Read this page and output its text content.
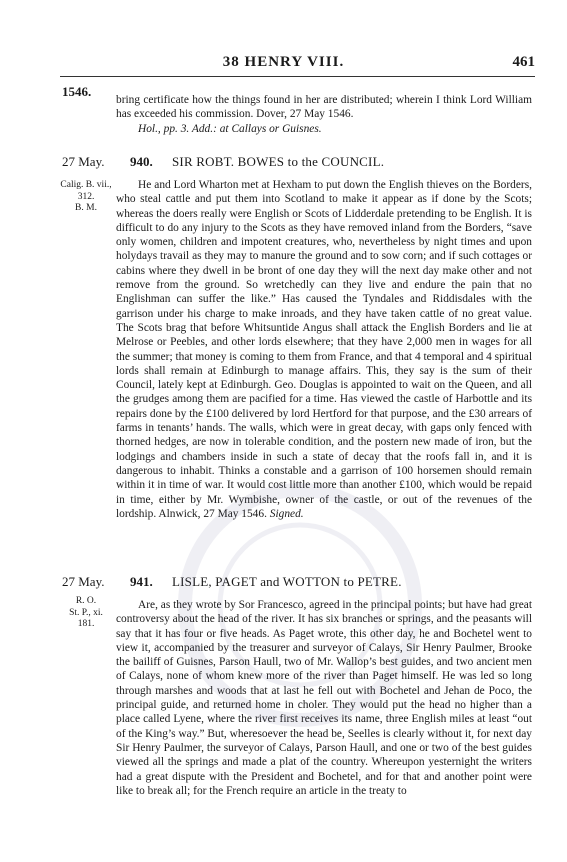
38 HENRY VIII.	461
1546.

bring certificate how the things found in her are distributed; wherein I think Lord William has exceeded his commission. Dover, 27 May 1546.

Hol., pp. 3. Add.: at Callays or Guisnes.

27 May. 940. SIR ROBT. BOWES to the COUNCIL.
Calig. B. vii.,
312.
B. M.

He and Lord Wharton met at Hexham to put down the English thieves on the Borders, who steal cattle and put them into Scotland to make it appear as if done by the Scots; whereas the doers really were English or Scots of Lidderdale pretending to be English. It is difficult to do any injury to the Scots as they have removed inland from the Borders, “save only women, children and impotent creatures, who, nevertheless by night times and upon holydays travail as they may to manure the ground and to sow corn; and if such cottages or cabins where they dwell in be bront of one day they will the next day make other and not remove from the ground. So wretchedly can they live and endure the pain that no Englishman can suffer the like.” Has caused the Tyndales and Riddisdales with the garrison under his charge to make inroads, and they have taken cattle of no great value. The Scots brag that before Whitsuntide Angus shall attack the English Borders and lie at Melrose or Peebles, and other lords elsewhere; that they have 2,000 men in wages for all the summer; that money is coming to them from France, and that 4 temporal and 4 spiritual lords shall remain at Edinburgh to manage affairs. This, they say is the sum of their Council, lately kept at Edinburgh. Geo. Douglas is appointed to wait on the Queen, and all the grudges among them are pacified for a time. Has viewed the castle of Harbottle and its repairs done by the £100 delivered by lord Hertford for that purpose, and the £30 arrears of farms in tenants’ hands. The walls, which were in great decay, with gaps only fenced with thorned hedges, are now in tolerable condition, and the postern new made of iron, but the lodgings and chambers inside in such a state of decay that the roofs fall in, and it is dangerous to inhabit. Thinks a constable and a garrison of 100 horsemen should remain within it in time of war. It would cost little more than another £100, which would be repaid in time, either by Mr. Wymbishe, owner of the castle, or out of the revenues of the lordship. Alnwick, 27 May 1546. Signed.

27 May. 941. LISLE, PAGET and WOTTON to PETRE.
R. O.
St. P., xi. 181.

Are, as they wrote by Sor Francesco, agreed in the principal points; but have had great controversy about the head of the river. It has six branches or springs, and the peasants will say that it has four or five heads. As Paget wrote, this other day, he and Bochetel went to view it, accompanied by the treasurer and surveyor of Calays, Sir Henry Paulmer, Brooke the bailiff of Guisnes, Parson Haull, two of Mr. Wallop’s best guides, and two ancient men of Calays, none of whom knew more of the river than Paget himself. He was led so long through marshes and woods that at last he fell out with Bochetel and Jehan de Poco, the principal guide, and returned home in choler. They would put the head no higher than a place called Lyene, where the river first receives its name, three English miles at least “out of the King’s way.” But, wheresoever the head be, Seelles is clearly without it, for next day Sir Henry Paulmer, the surveyor of Calays, Parson Haull, and one or two of the best guides viewed all the springs and made a plat of the country. Whereupon yesternight the writers had a great dispute with the President and Bochetel, and for that and another point were like to break all; for the French require an article in the treaty to
